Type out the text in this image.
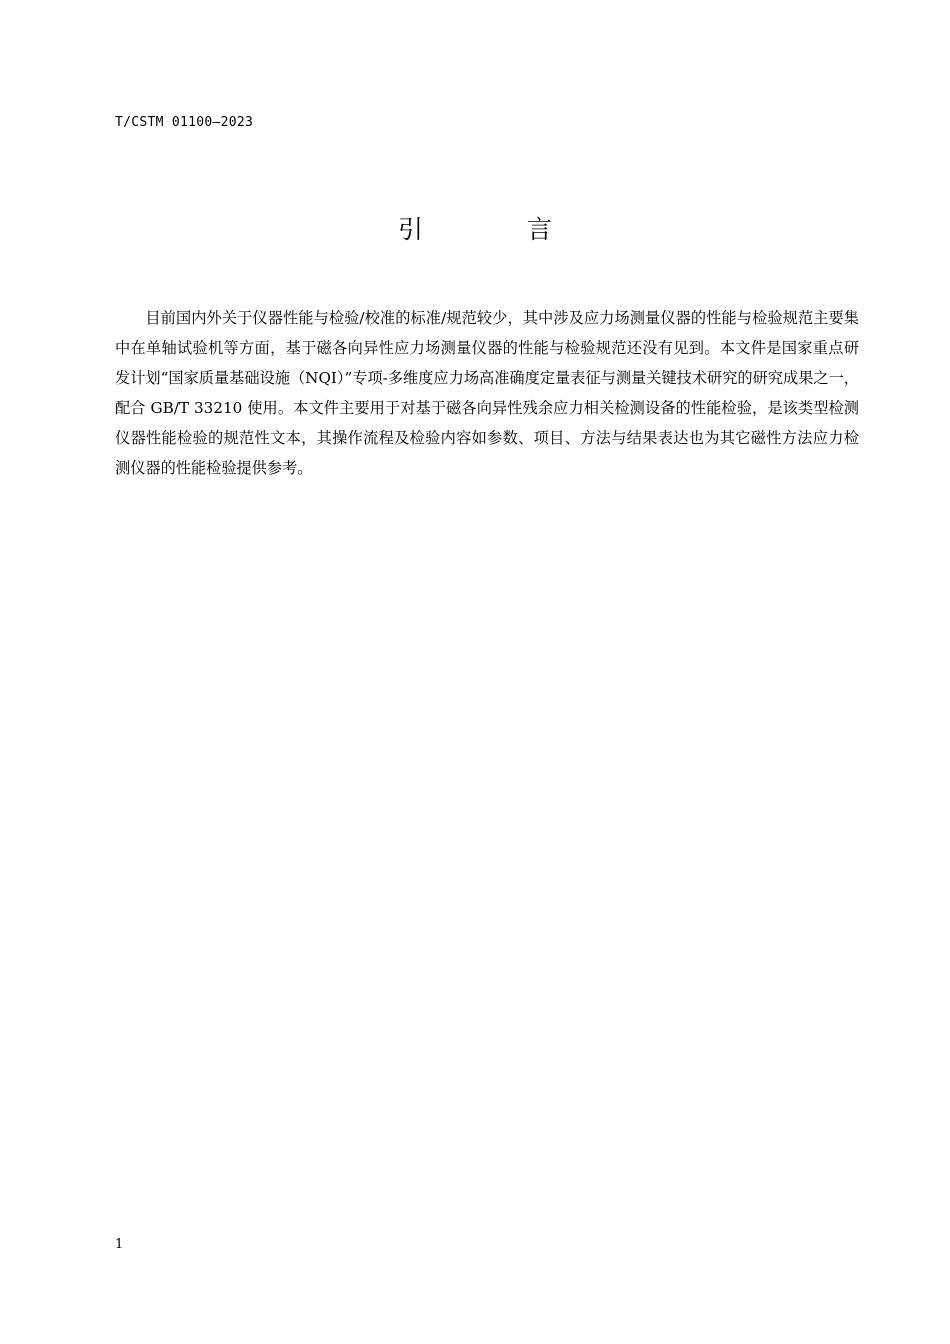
T/CSTM 01100—2023
引 言

目前国内外关于仪器性能与检验/校准的标准/规范较少，其中涉及应力场测量仪器的性能与检验规范主要集中在单轴试验机等方面，基于磁各向异性应力场测量仪器的性能与检验规范还没有见到。本文件是国家重点研发计划“国家质量基础设施（NQI）”专项-多维度应力场高准确度定量表征与测量关键技术研究的研究成果之一，配合 GB/T 33210 使用。本文件主要用于对基于磁各向异性残余应力相关检测设备的性能检验，是该类型检测仪器性能检验的规范性文本，其操作流程及检验内容如参数、项目、方法与结果表达也为其它磁性方法应力检测仪器的性能检验提供参考。

1
